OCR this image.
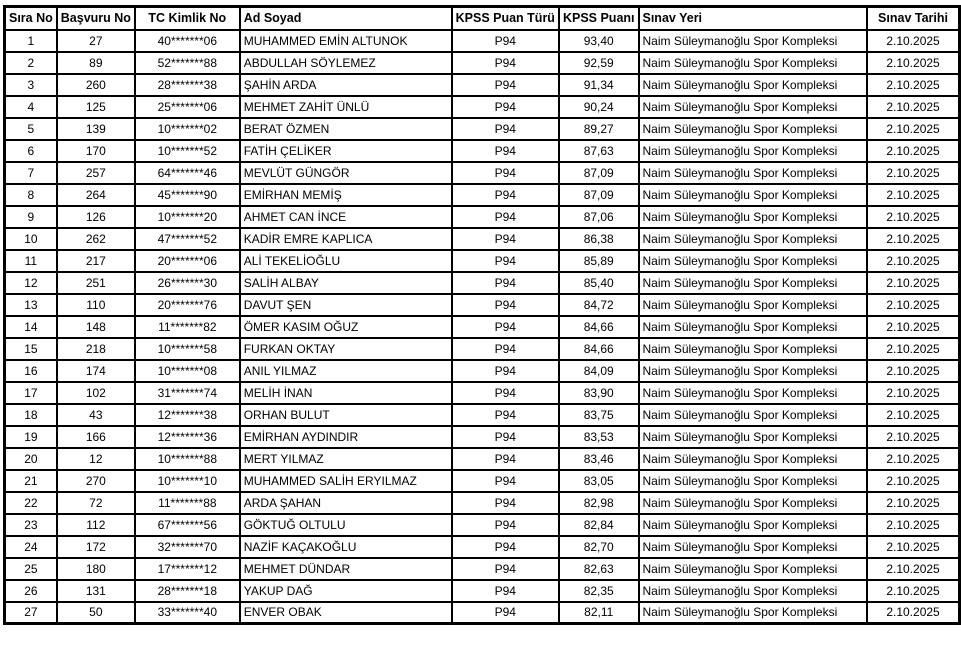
Sıra No	Başvuru No	TC Kimlik No	Ad Soyad	KPSS Puan Türü	KPSS Puanı	Sınav Yeri	Sınav Tarihi
1	27	40*******06	MUHAMMED EMİN ALTUNOK	P94	93,40	Naim Süleymanoğlu Spor Kompleksi	2.10.2025
2	89	52*******88	ABDULLAH SÖYLEMEZ	P94	92,59	Naim Süleymanoğlu Spor Kompleksi	2.10.2025
3	260	28*******38	ŞAHİN ARDA	P94	91,34	Naim Süleymanoğlu Spor Kompleksi	2.10.2025
4	125	25*******06	MEHMET ZAHİT ÜNLÜ	P94	90,24	Naim Süleymanoğlu Spor Kompleksi	2.10.2025
5	139	10*******02	BERAT ÖZMEN	P94	89,27	Naim Süleymanoğlu Spor Kompleksi	2.10.2025
6	170	10*******52	FATİH ÇELİKER	P94	87,63	Naim Süleymanoğlu Spor Kompleksi	2.10.2025
7	257	64*******46	MEVLÜT GÜNGÖR	P94	87,09	Naim Süleymanoğlu Spor Kompleksi	2.10.2025
8	264	45*******90	EMİRHAN MEMİŞ	P94	87,09	Naim Süleymanoğlu Spor Kompleksi	2.10.2025
9	126	10*******20	AHMET CAN İNCE	P94	87,06	Naim Süleymanoğlu Spor Kompleksi	2.10.2025
10	262	47*******52	KADİR EMRE KAPLICA	P94	86,38	Naim Süleymanoğlu Spor Kompleksi	2.10.2025
11	217	20*******06	ALİ TEKELİOĞLU	P94	85,89	Naim Süleymanoğlu Spor Kompleksi	2.10.2025
12	251	26*******30	SALİH ALBAY	P94	85,40	Naim Süleymanoğlu Spor Kompleksi	2.10.2025
13	110	20*******76	DAVUT ŞEN	P94	84,72	Naim Süleymanoğlu Spor Kompleksi	2.10.2025
14	148	11*******82	ÖMER KASIM OĞUZ	P94	84,66	Naim Süleymanoğlu Spor Kompleksi	2.10.2025
15	218	10*******58	FURKAN OKTAY	P94	84,66	Naim Süleymanoğlu Spor Kompleksi	2.10.2025
16	174	10*******08	ANIL YILMAZ	P94	84,09	Naim Süleymanoğlu Spor Kompleksi	2.10.2025
17	102	31*******74	MELİH İNAN	P94	83,90	Naim Süleymanoğlu Spor Kompleksi	2.10.2025
18	43	12*******38	ORHAN BULUT	P94	83,75	Naim Süleymanoğlu Spor Kompleksi	2.10.2025
19	166	12*******36	EMİRHAN AYDINDIR	P94	83,53	Naim Süleymanoğlu Spor Kompleksi	2.10.2025
20	12	10*******88	MERT YILMAZ	P94	83,46	Naim Süleymanoğlu Spor Kompleksi	2.10.2025
21	270	10*******10	MUHAMMED SALİH ERYILMAZ	P94	83,05	Naim Süleymanoğlu Spor Kompleksi	2.10.2025
22	72	11*******88	ARDA ŞAHAN	P94	82,98	Naim Süleymanoğlu Spor Kompleksi	2.10.2025
23	112	67*******56	GÖKTUĞ OLTULU	P94	82,84	Naim Süleymanoğlu Spor Kompleksi	2.10.2025
24	172	32*******70	NAZİF KAÇAKOĞLU	P94	82,70	Naim Süleymanoğlu Spor Kompleksi	2.10.2025
25	180	17*******12	MEHMET DÜNDAR	P94	82,63	Naim Süleymanoğlu Spor Kompleksi	2.10.2025
26	131	28*******18	YAKUP DAĞ	P94	82,35	Naim Süleymanoğlu Spor Kompleksi	2.10.2025
27	50	33*******40	ENVER OBAK	P94	82,11	Naim Süleymanoğlu Spor Kompleksi	2.10.2025
